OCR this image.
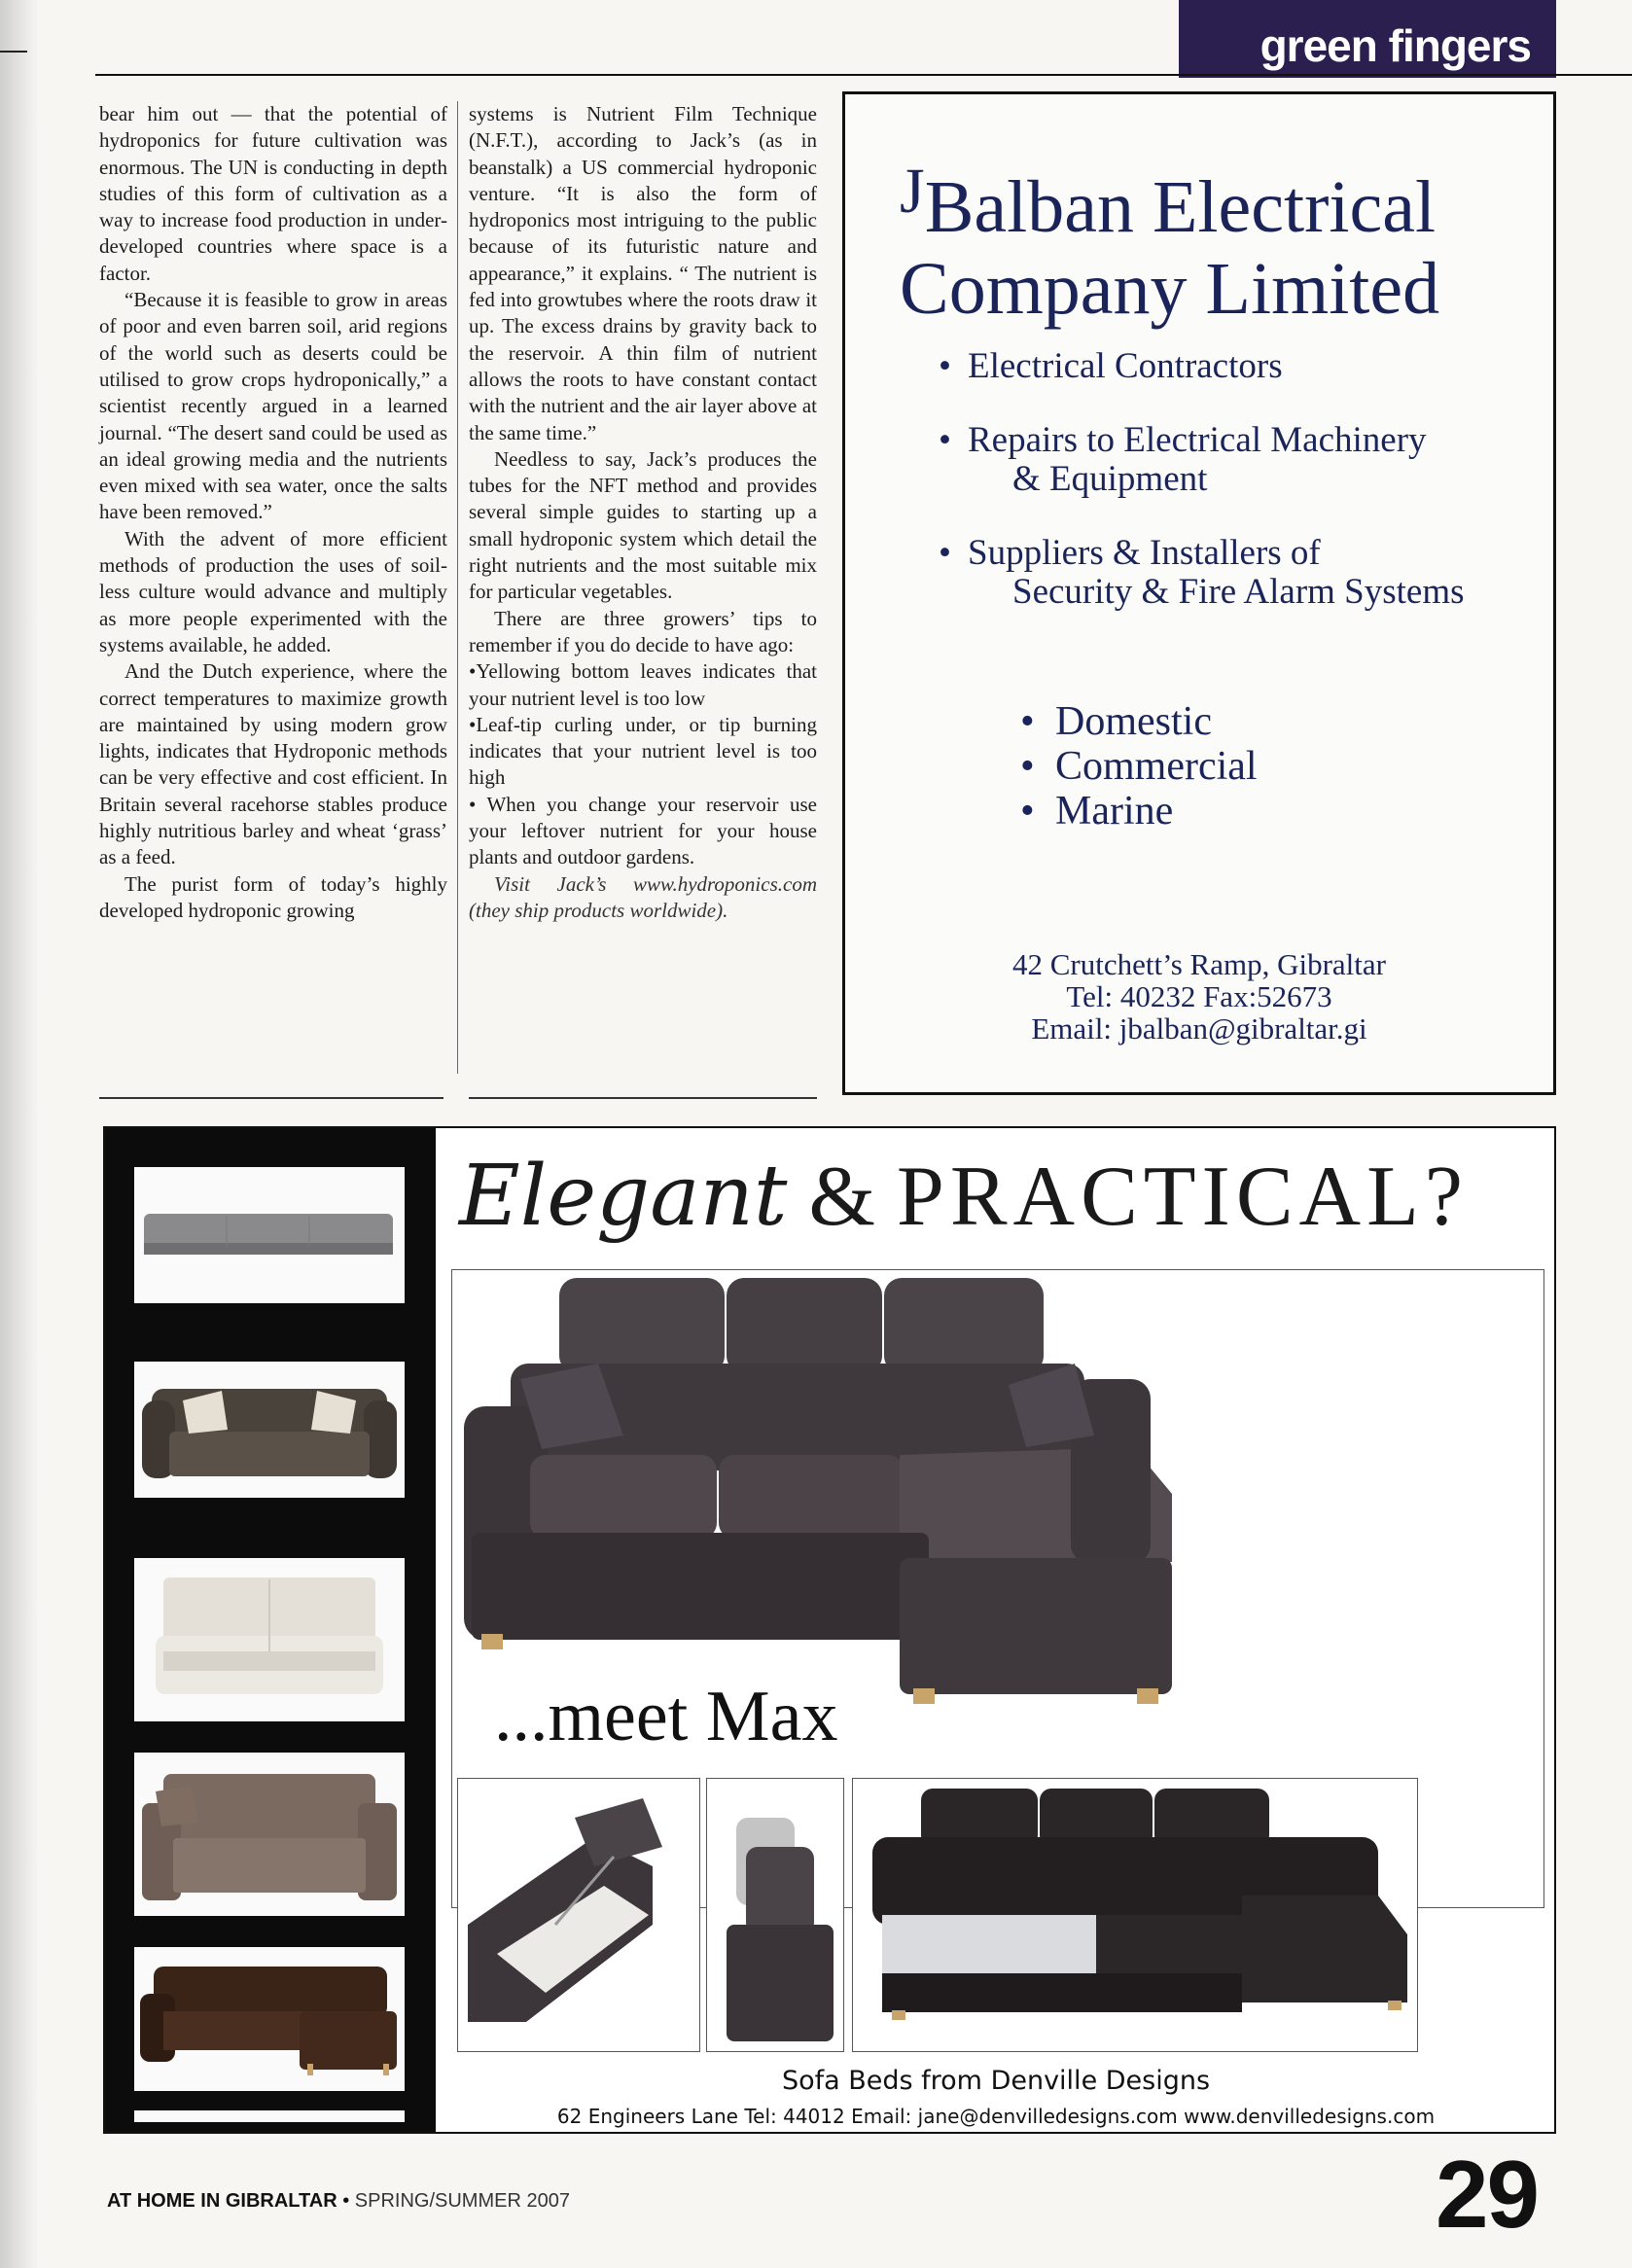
green fingers

bear him out — that the potential of hydroponics for future cultivation was enormous. The UN is conducting in depth studies of this form of cultivation as a way to increase food production in under-developed countries where space is a factor.

“Because it is feasible to grow in areas of poor and even barren soil, arid regions of the world such as deserts could be utilised to grow crops hydroponically,” a scientist recently argued in a learned journal. “The desert sand could be used as an ideal growing media and the nutrients even mixed with sea water, once the salts have been removed.”

With the advent of more efficient methods of production the uses of soil-less culture would advance and multiply as more people experimented with the systems available, he added.

And the Dutch experience, where the correct temperatures to maximize growth are maintained by using modern grow lights, indicates that Hydroponic methods can be very effective and cost efficient. In Britain several racehorse stables produce highly nutritious barley and wheat ‘grass’ as a feed.

The purist form of today’s highly developed hydroponic growing

systems is Nutrient Film Technique (N.F.T.), according to Jack’s (as in beanstalk) a US commercial hydroponic venture. “It is also the form of hydroponics most intriguing to the public because of its futuristic nature and appearance,” it explains. “ The nutrient is fed into growtubes where the roots draw it up. The excess drains by gravity back to the reservoir. A thin film of nutrient allows the roots to have constant contact with the nutrient and the air layer above at the same time.”

Needless to say, Jack’s produces the tubes for the NFT method and provides several simple guides to starting up a small hydroponic system which detail the right nutrients and the most suitable mix for particular vegetables.

There are three growers’ tips to remember if you do decide to have ago:

•Yellowing bottom leaves indicates that your nutrient level is too low

•Leaf-tip curling under, or tip burning indicates that your nutrient level is too high

• When you change your reservoir use your leftover nutrient for your house plants and outdoor gardens.

Visit Jack’s www.hydroponics.com (they ship products worldwide).

JBalban Electrical
Company Limited
• Electrical Contractors
• Repairs to Electrical Machinery
& Equipment
• Suppliers & Installers of
Security & Fire Alarm Systems
• Domestic
• Commercial
• Marine
42 Crutchett’s Ramp, Gibraltar
Tel: 40232 Fax:52673
Email: jbalban@gibraltar.gi
Elegant & PRACTICAL?
...meet Max
Sofa Beds from Denville Designs
62 Engineers Lane Tel: 44012 Email: jane@denvilledesigns.com www.denvilledesigns.com
AT HOME IN GIBRALTAR • SPRING/SUMMER 2007	29
